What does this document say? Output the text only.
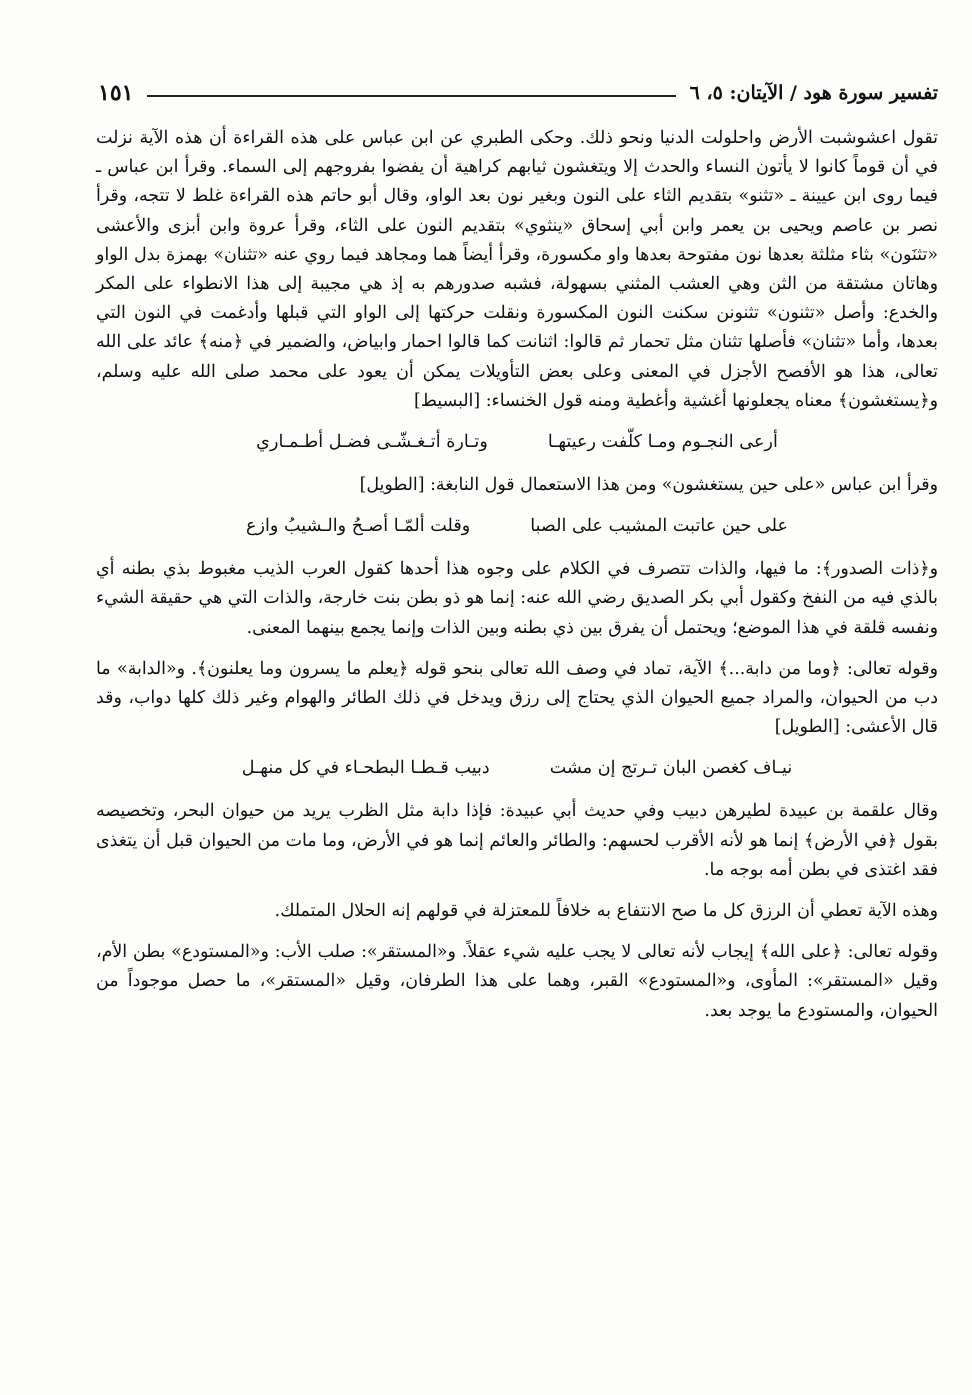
تفسير سورة هود / الآيتان: ٥، ٦
١٥١

تقول اعشوشبت الأرض واحلولت الدنيا ونحو ذلك. وحكى الطبري عن ابن عباس على هذه القراءة أن هذه الآية نزلت في أن قوماً كانوا لا يأتون النساء والحدث إلا ويتغشون ثيابهم كراهية أن يفضوا بفروجهم إلى السماء. وقرأ ابن عباس ـ فيما روى ابن عيينة ـ «تثنو» بتقديم الثاء على النون وبغير نون بعد الواو، وقال أبو حاتم هذه القراءة غلط لا تتجه، وقرأ نصر بن عاصم ويحيى بن يعمر وابن أبي إسحاق «ينثوي» بتقديم النون على الثاء، وقرأ عروة وابن أبزى والأعشى «تثنَون» بثاء مثلثة بعدها نون مفتوحة بعدها واو مكسورة، وقرأ أيضاً هما ومجاهد فيما روي عنه «تثنان» بهمزة بدل الواو وهاتان مشتقة من الثن وهي العشب المثني بسهولة، فشبه صدورهم به إذ هي مجيبة إلى هذا الانطواء على المكر والخدع: وأصل «تثنون» تثنونن سكنت النون المكسورة ونقلت حركتها إلى الواو التي قبلها وأدغمت في النون التي بعدها، وأما «تثنان» فأصلها تثنان مثل تحمار ثم قالوا: اثنانت كما قالوا احمار وابياض، والضمير في ﴿منه﴾ عائد على الله تعالى، هذا هو الأفصح الأجزل في المعنى وعلى بعض التأويلات يمكن أن يعود على محمد صلى الله عليه وسلم، و﴿يستغشون﴾ معناه يجعلونها أغشية وأغطية ومنه قول الخنساء: [البسيط]

أرعى النجـوم ومـا كلّفت رعيتهـا
وتـارة أتـغـشّـى فضـل أطـمـاري

وقرأ ابن عباس «على حين يستغشون» ومن هذا الاستعمال قول النابغة: [الطويل]

على حين عاتبت المشيب على الصبا
وقلت ألمّـا أصـحُ والـشيبُ وازع

و﴿ذات الصدور﴾: ما فيها، والذات تتصرف في الكلام على وجوه هذا أحدها كقول العرب الذيب مغبوط بذي بطنه أي بالذي فيه من النفخ وكقول أبي بكر الصديق رضي الله عنه: إنما هو ذو بطن بنت خارجة، والذات التي هي حقيقة الشيء ونفسه قلقة في هذا الموضع؛ ويحتمل أن يفرق بين ذي بطنه وبين الذات وإنما يجمع بينهما المعنى.

وقوله تعالى: ﴿وما من دابة...﴾ الآية، تماد في وصف الله تعالى بنحو قوله ﴿يعلم ما يسرون وما يعلنون﴾. و«الدابة» ما دب من الحيوان، والمراد جميع الحيوان الذي يحتاج إلى رزق ويدخل في ذلك الطائر والهوام وغير ذلك كلها دواب، وقد قال الأعشى: [الطويل]

نيـاف كغصن البان تـرتج إن مشت
دبيب قـطـا البطحـاء في كل منهـل

وقال علقمة بن عبيدة لطيرهن دبيب وفي حديث أبي عبيدة: فإذا دابة مثل الظرب يريد من حيوان البحر، وتخصيصه بقول ﴿في الأرض﴾ إنما هو لأنه الأقرب لحسهم: والطائر والعائم إنما هو في الأرض، وما مات من الحيوان قبل أن يتغذى فقد اغتذى في بطن أمه بوجه ما.

وهذه الآية تعطي أن الرزق كل ما صح الانتفاع به خلافاً للمعتزلة في قولهم إنه الحلال المتملك.

وقوله تعالى: ﴿على الله﴾ إيجاب لأنه تعالى لا يجب عليه شيء عقلاً. و«المستقر»: صلب الأب: و«المستودع» بطن الأم، وقيل «المستقر»: المأوى، و«المستودع» القبر، وهما على هذا الطرفان، وقيل «المستقر»، ما حصل موجوداً من الحيوان، والمستودع ما يوجد بعد.
